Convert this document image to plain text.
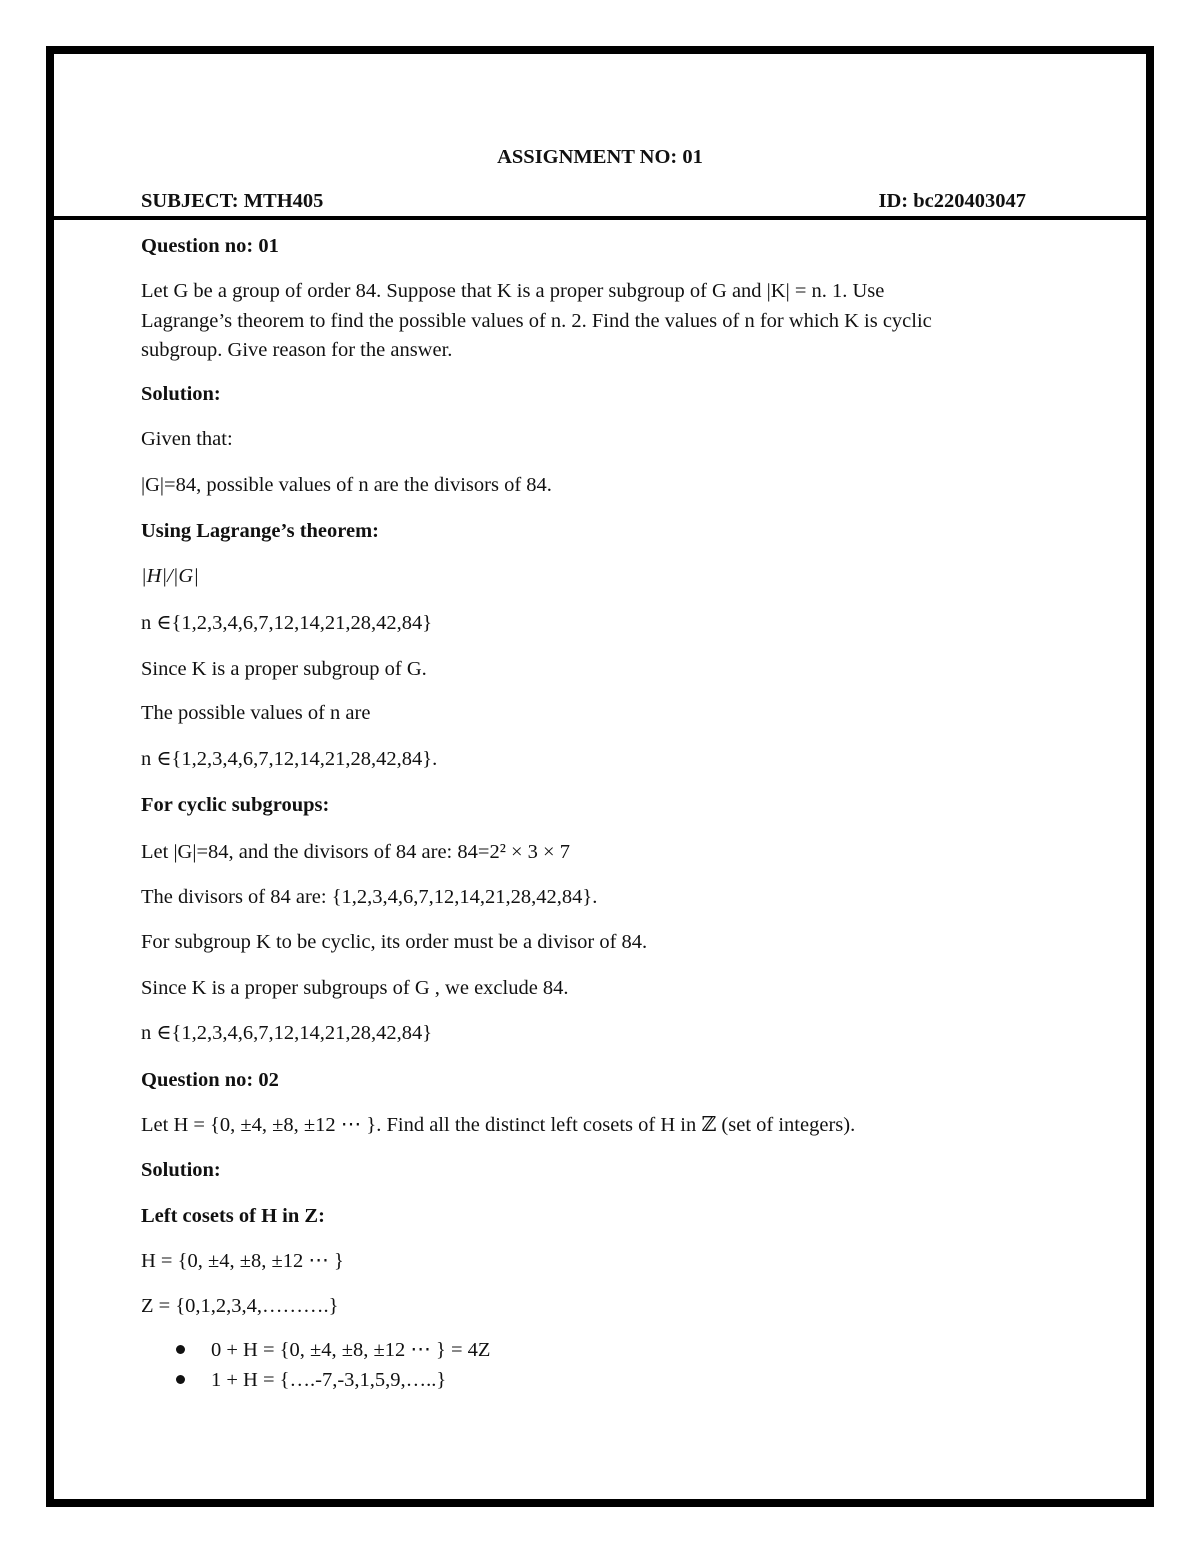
ASSIGNMENT NO: 01
SUBJECT: MTH405	ID: bc220403047
Question no: 01
Let G be a group of order 84. Suppose that K is a proper subgroup of G and |K| = n. 1. Use
Lagrange’s theorem to find the possible values of n. 2. Find the values of n for which K is cyclic
subgroup. Give reason for the answer.
Solution:
Given that:
|G|=84, possible values of n are the divisors of 84.
Using Lagrange’s theorem:
|H|/|G|
n ∈{1,2,3,4,6,7,12,14,21,28,42,84}
Since K is a proper subgroup of G.
The possible values of n are
n ∈{1,2,3,4,6,7,12,14,21,28,42,84}.
For cyclic subgroups:
Let |G|=84, and the divisors of 84 are: 84=2² × 3 × 7
The divisors of 84 are: {1,2,3,4,6,7,12,14,21,28,42,84}.
For subgroup K to be cyclic, its order must be a divisor of 84.
Since K is a proper subgroups of G , we exclude 84.
n ∈{1,2,3,4,6,7,12,14,21,28,42,84}
Question no: 02
Let H = {0, ±4, ±8, ±12 ⋯ }. Find all the distinct left cosets of H in ℤ (set of integers).
Solution:
Left cosets of H in Z:
H = {0, ±4, ±8, ±12 ⋯ }
Z = {0,1,2,3,4,……….}
0 + H = {0, ±4, ±8, ±12 ⋯ } = 4Z
1 + H = {….-7,-3,1,5,9,…..}
